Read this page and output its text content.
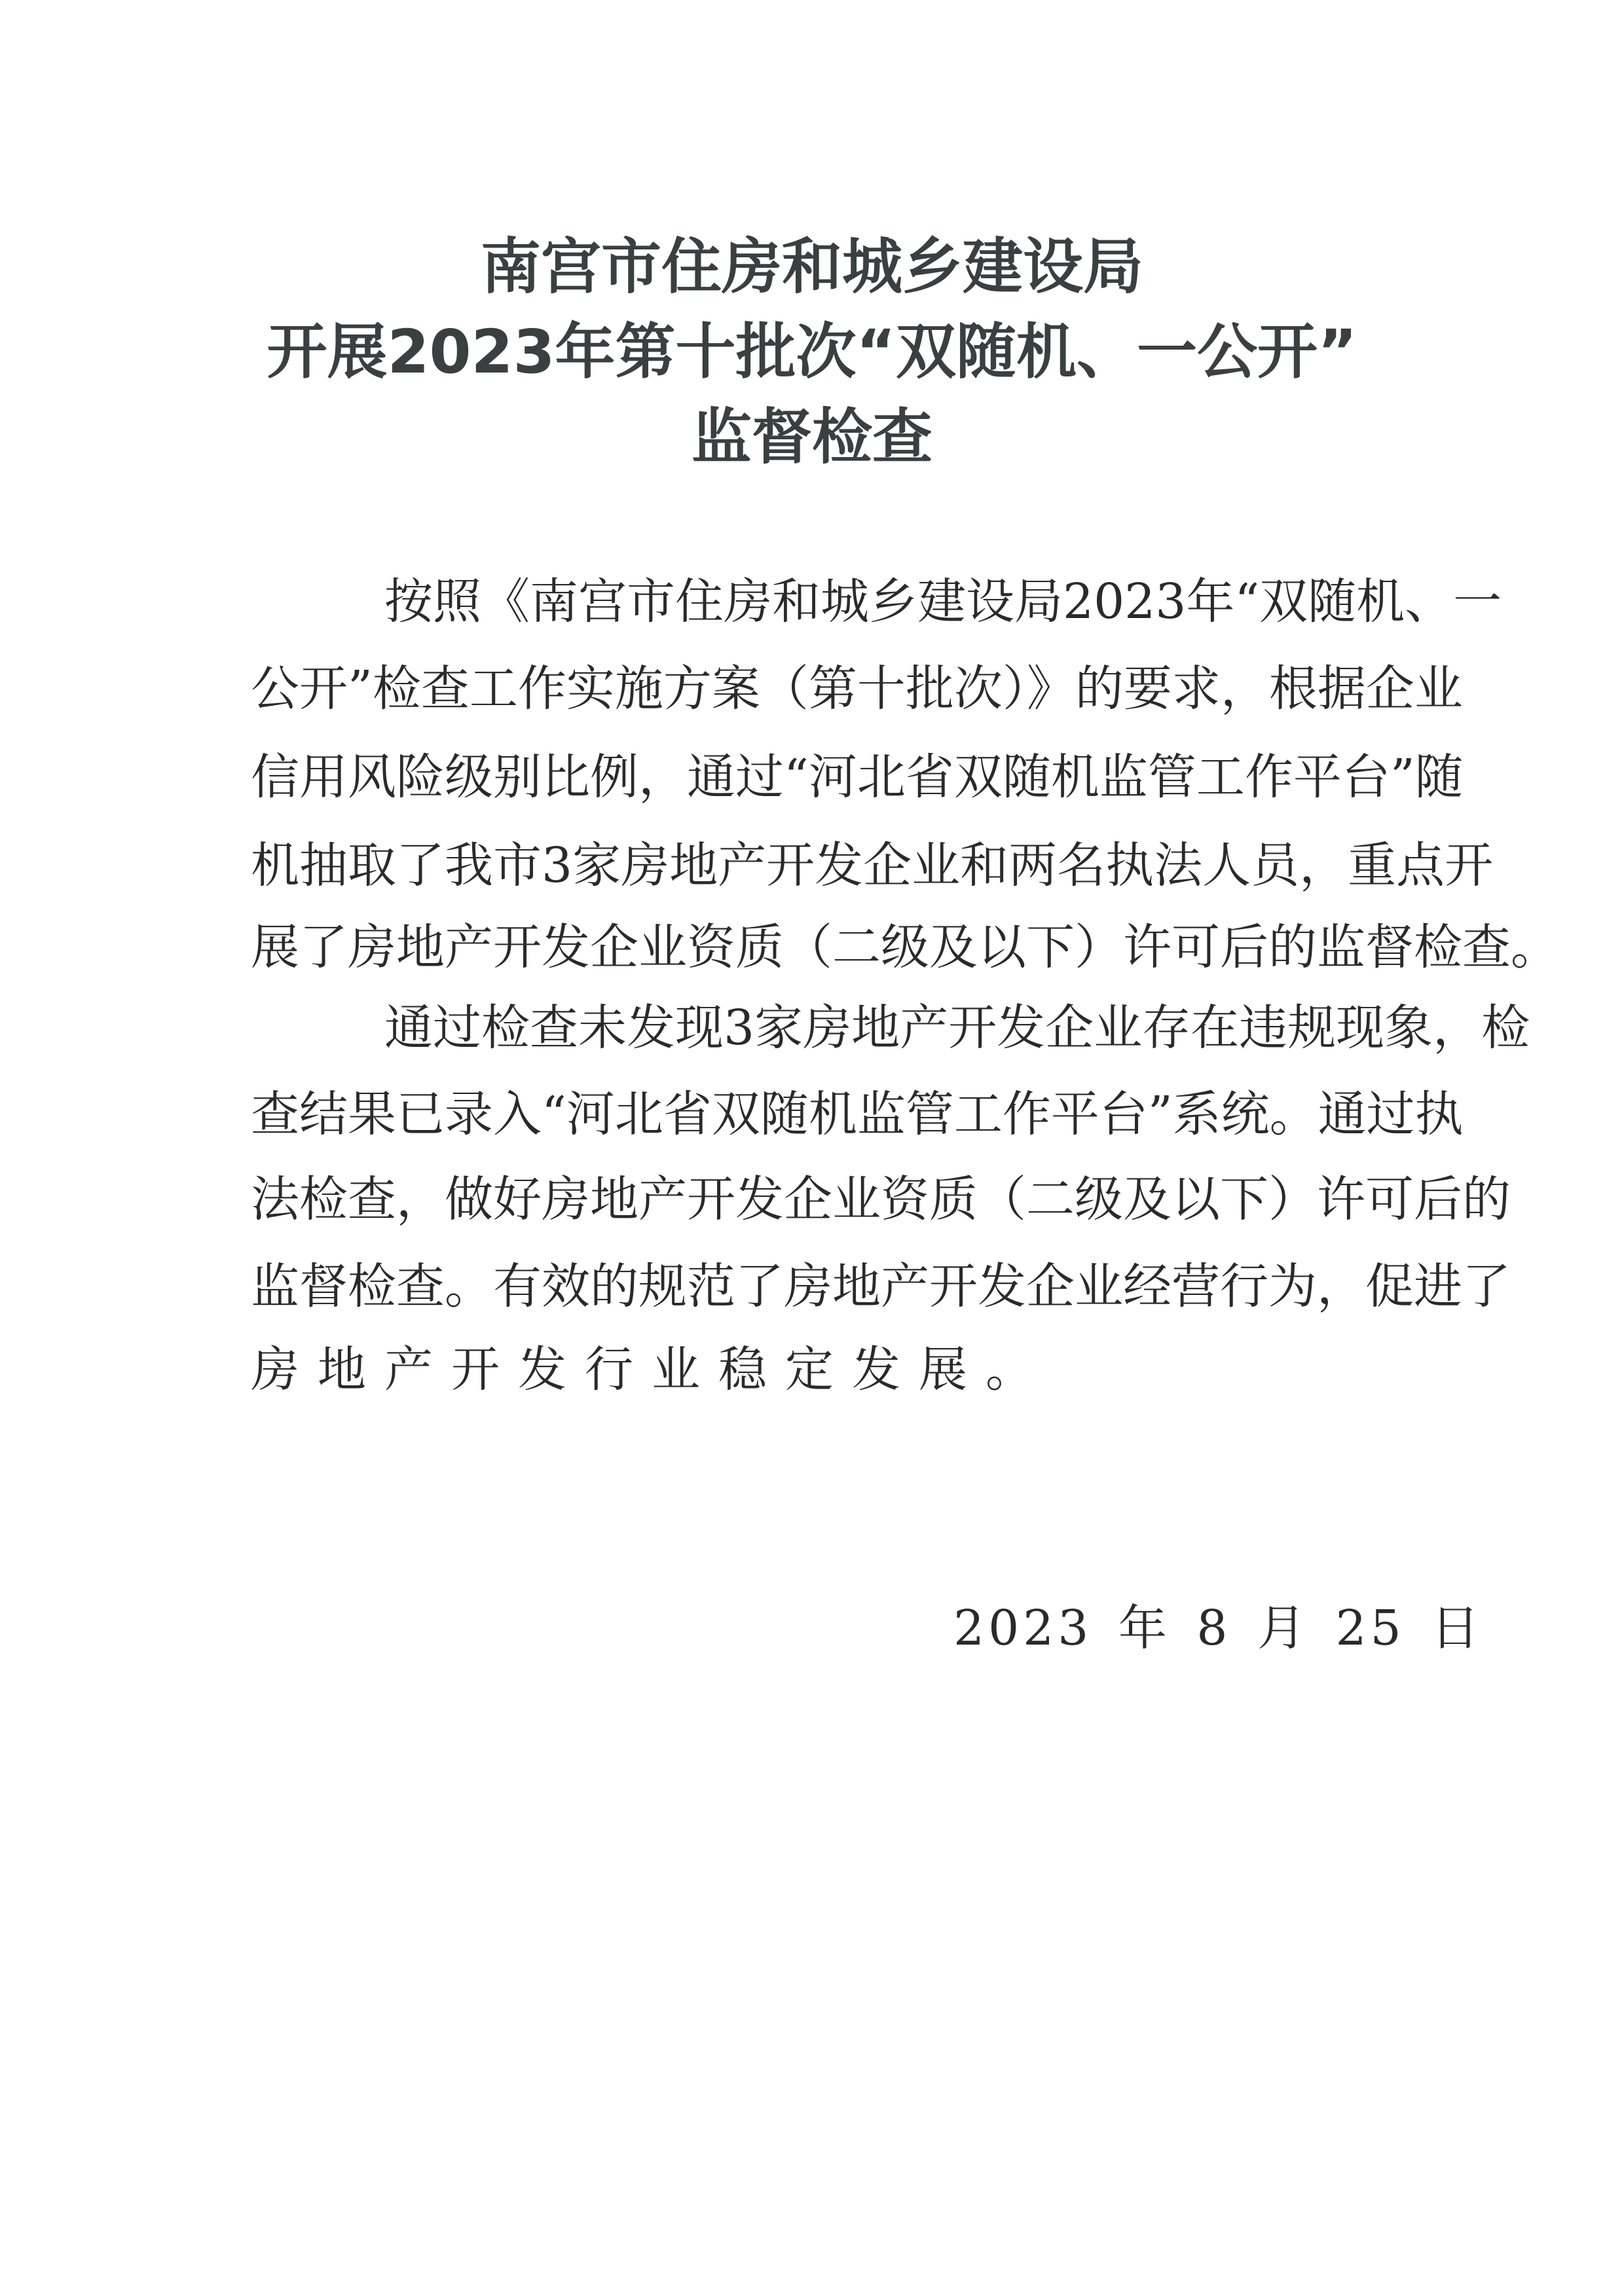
南宫市住房和城乡建设局
开展2023年第十批次“双随机、一公开”
监督检查
按照《南宫市住房和城乡建设局2023年“双随机、一
公开”检查工作实施方案（第十批次）》的要求，根据企业
信用风险级别比例，通过“河北省双随机监管工作平台”随
机抽取了我市3家房地产开发企业和两名执法人员，重点开
展了房地产开发企业资质（二级及以下）许可后的监督检查。
通过检查未发现3家房地产开发企业存在违规现象，检
查结果已录入“河北省双随机监管工作平台”系统。通过执
法检查，做好房地产开发企业资质（二级及以下）许可后的
监督检查。有效的规范了房地产开发企业经营行为，促进了
房地产开发行业稳定发展。
2023 年 8 月 25 日
